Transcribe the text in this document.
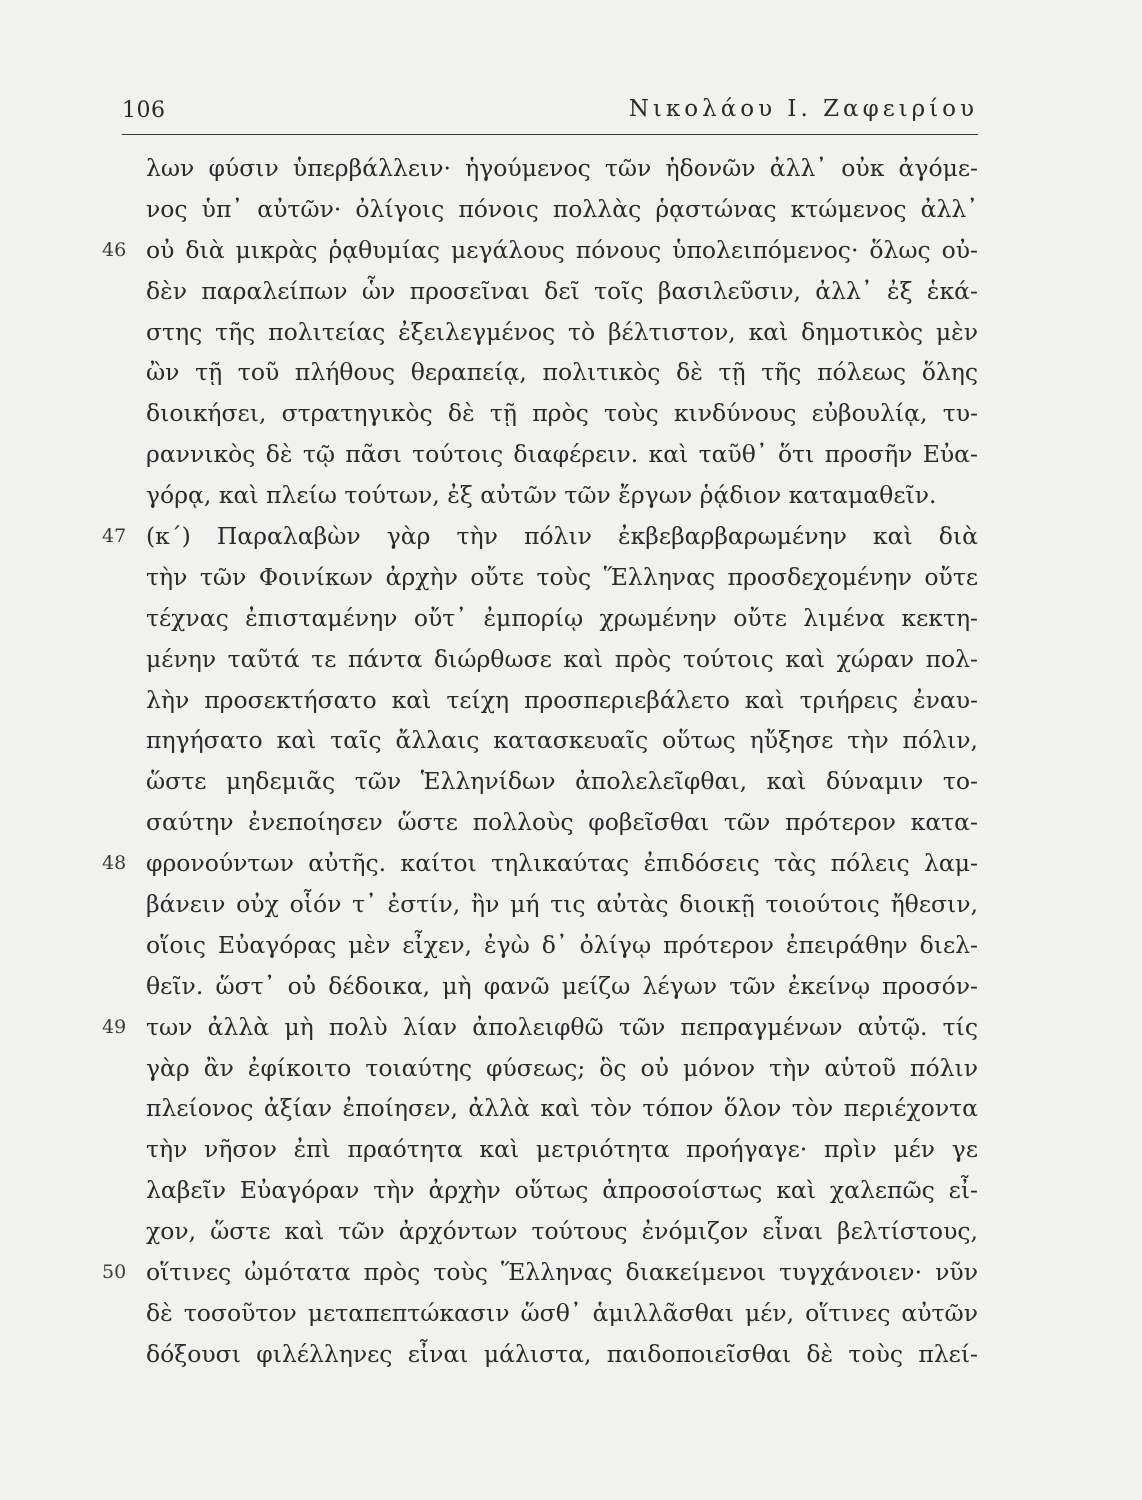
106	Νικολάου Ι. Ζαφειρίου
λων φύσιν ὑπερβάλλειν· ἡγούμενος τῶν ἡδονῶν ἀλλ᾽ οὐκ ἀγόμε-
νος ὑπ᾽ αὐτῶν· ὀλίγοις πόνοις πολλὰς ῥᾳστώνας κτώμενος ἀλλ᾽
46 οὐ διὰ μικρὰς ῥᾳθυμίας μεγάλους πόνους ὑπολειπόμενος· ὅλως οὐ-
δὲν παραλείπων ὧν προσεῖναι δεῖ τοῖς βασιλεῦσιν, ἀλλ᾽ ἐξ ἑκά-
στης τῆς πολιτείας ἐξειλεγμένος τὸ βέλτιστον, καὶ δημοτικὸς μὲν
ὢν τῇ τοῦ πλήθους θεραπείᾳ, πολιτικὸς δὲ τῇ τῆς πόλεως ὅλης
διοικήσει, στρατηγικὸς δὲ τῇ πρὸς τοὺς κινδύνους εὐβουλίᾳ, τυ-
ραννικὸς δὲ τῷ πᾶσι τούτοις διαφέρειν. καὶ ταῦθ᾽ ὅτι προσῆν Εὐα-
γόρᾳ, καὶ πλείω τούτων, ἐξ αὐτῶν τῶν ἔργων ῥᾴδιον καταμαθεῖν.
47 (κ´) Παραλαβὼν γὰρ τὴν πόλιν ἐκβεβαρβαρωμένην καὶ διὰ
τὴν τῶν Φοινίκων ἀρχὴν οὔτε τοὺς Ἕλληνας προσδεχομένην οὔτε
τέχνας ἐπισταμένην οὔτ᾽ ἐμπορίῳ χρωμένην οὔτε λιμένα κεκτη-
μένην ταῦτά τε πάντα διώρθωσε καὶ πρὸς τούτοις καὶ χώραν πολ-
λὴν προσεκτήσατο καὶ τείχη προσπεριεβάλετο καὶ τριήρεις ἐναυ-
πηγήσατο καὶ ταῖς ἄλλαις κατασκευαῖς οὕτως ηὔξησε τὴν πόλιν,
ὥστε μηδεμιᾶς τῶν Ἑλληνίδων ἀπολελεῖφθαι, καὶ δύναμιν το-
σαύτην ἐνεποίησεν ὥστε πολλοὺς φοβεῖσθαι τῶν πρότερον κατα-
48 φρονούντων αὐτῆς. καίτοι τηλικαύτας ἐπιδόσεις τὰς πόλεις λαμ-
βάνειν οὐχ οἷόν τ᾽ ἐστίν, ἢν μή τις αὐτὰς διοικῇ τοιούτοις ἤθεσιν,
οἵοις Εὐαγόρας μὲν εἶχεν, ἐγὼ δ᾽ ὀλίγῳ πρότερον ἐπειράθην διελ-
θεῖν. ὥστ᾽ οὐ δέδοικα, μὴ φανῶ μείζω λέγων τῶν ἐκείνῳ προσόν-
49 των ἀλλὰ μὴ πολὺ λίαν ἀπολειφθῶ τῶν πεπραγμένων αὐτῷ. τίς
γὰρ ἂν ἐφίκοιτο τοιαύτης φύσεως; ὃς οὐ μόνον τὴν αὑτοῦ πόλιν
πλείονος ἀξίαν ἐποίησεν, ἀλλὰ καὶ τὸν τόπον ὅλον τὸν περιέχοντα
τὴν νῆσον ἐπὶ πραότητα καὶ μετριότητα προήγαγε· πρὶν μέν γε
λαβεῖν Εὐαγόραν τὴν ἀρχὴν οὕτως ἀπροσοίστως καὶ χαλεπῶς εἶ-
χον, ὥστε καὶ τῶν ἀρχόντων τούτους ἐνόμιζον εἶναι βελτίστους,
50 οἵτινες ὠμότατα πρὸς τοὺς Ἕλληνας διακείμενοι τυγχάνοιεν· νῦν
δὲ τοσοῦτον μεταπεπτώκασιν ὥσθ᾽ ἁμιλλᾶσθαι μέν, οἵτινες αὐτῶν
δόξουσι φιλέλληνες εἶναι μάλιστα, παιδοποιεῖσθαι δὲ τοὺς πλεί-
